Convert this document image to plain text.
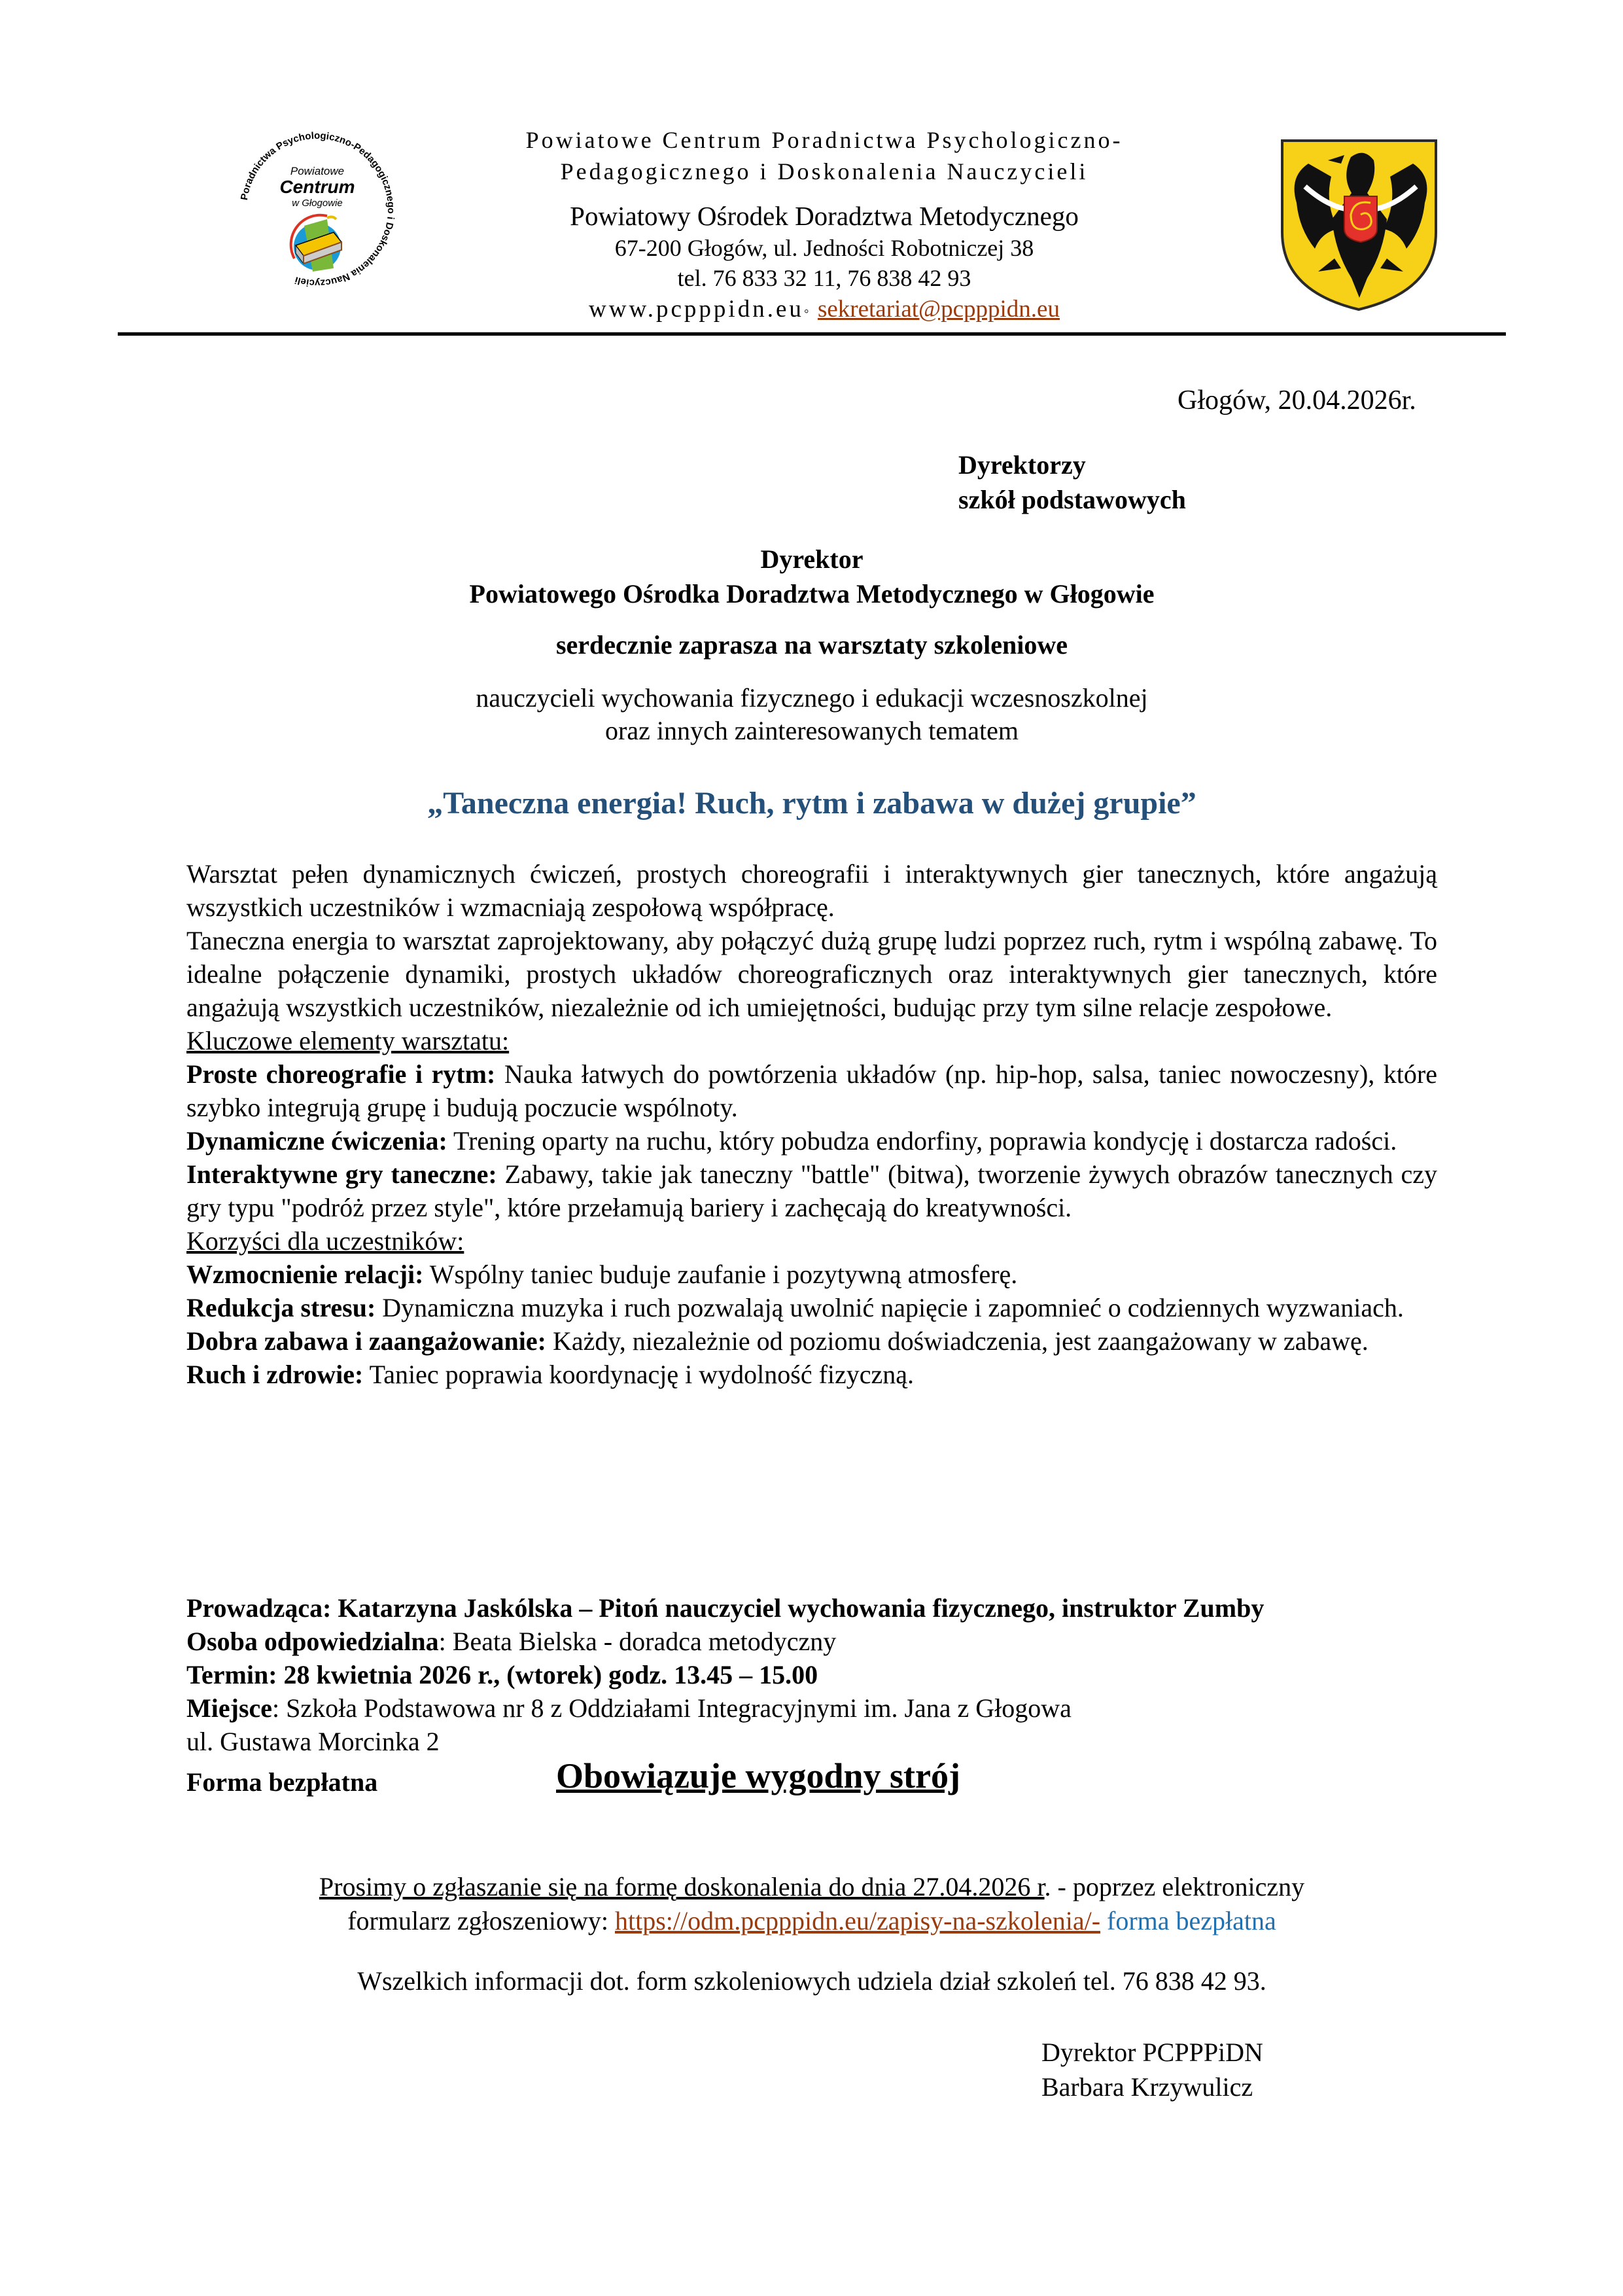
Poradnictwa Psychologiczno-Pedagogicznego i Doskonalenia Nauczycieli
Powiatowe
Centrum
w Głogowie
Powiatowe Centrum Poradnictwa Psychologiczno-
Pedagogicznego i Doskonalenia Nauczycieli
Powiatowy Ośrodek Doradztwa Metodycznego
67-200 Głogów, ul. Jedności Robotniczej 38
tel. 76 833 32 11, 76 838 42 93
www.pcpppidn.eu◦ sekretariat@pcpppidn.eu
Głogów, 20.04.2026r.
Dyrektorzy
szkół podstawowych
Dyrektor
Powiatowego Ośrodka Doradztwa Metodycznego w Głogowie
serdecznie zaprasza na warsztaty szkoleniowe
nauczycieli wychowania fizycznego i edukacji wczesnoszkolnej
oraz innych zainteresowanych tematem
„Taneczna energia! Ruch, rytm i zabawa w dużej grupie”

Warsztat pełen dynamicznych ćwiczeń, prostych choreografii i interaktywnych gier tanecznych, które angażują wszystkich uczestników i wzmacniają zespołową współpracę.

Taneczna energia to warsztat zaprojektowany, aby połączyć dużą grupę ludzi poprzez ruch, rytm i wspólną zabawę. To idealne połączenie dynamiki, prostych układów choreograficznych oraz interaktywnych gier tanecznych, które angażują wszystkich uczestników, niezależnie od ich umiejętności, budując przy tym silne relacje zespołowe.

Kluczowe elementy warsztatu:

Proste choreografie i rytm: Nauka łatwych do powtórzenia układów (np. hip-hop, salsa, taniec nowoczesny), które szybko integrują grupę i budują poczucie wspólnoty.

Dynamiczne ćwiczenia: Trening oparty na ruchu, który pobudza endorfiny, poprawia kondycję i dostarcza radości.

Interaktywne gry taneczne: Zabawy, takie jak taneczny "battle" (bitwa), tworzenie żywych obrazów tanecznych czy gry typu "podróż przez style", które przełamują bariery i zachęcają do kreatywności.

Korzyści dla uczestników:

Wzmocnienie relacji: Wspólny taniec buduje zaufanie i pozytywną atmosferę.

Redukcja stresu: Dynamiczna muzyka i ruch pozwalają uwolnić napięcie i zapomnieć o codziennych wyzwaniach.

Dobra zabawa i zaangażowanie: Każdy, niezależnie od poziomu doświadczenia, jest zaangażowany w zabawę.

Ruch i zdrowie: Taniec poprawia koordynację i wydolność fizyczną.

Prowadząca: Katarzyna Jaskólska – Pitoń nauczyciel wychowania fizycznego, instruktor Zumby

Osoba odpowiedzialna: Beata Bielska - doradca metodyczny

Termin: 28 kwietnia 2026 r., (wtorek) godz. 13.45 – 15.00

Miejsce: Szkoła Podstawowa nr 8 z Oddziałami Integracyjnymi im. Jana z Głogowa

ul. Gustawa Morcinka 2

Forma bezpłatna	Obowiązuje wygodny strój

Prosimy o zgłaszanie się na formę doskonalenia do dnia 27.04.2026 r. - poprzez elektroniczny

formularz zgłoszeniowy: https://odm.pcpppidn.eu/zapisy-na-szkolenia/- forma bezpłatna

Wszelkich informacji dot. form szkoleniowych udziela dział szkoleń tel. 76 838 42 93.
Dyrektor PCPPPiDN
Barbara Krzywulicz
